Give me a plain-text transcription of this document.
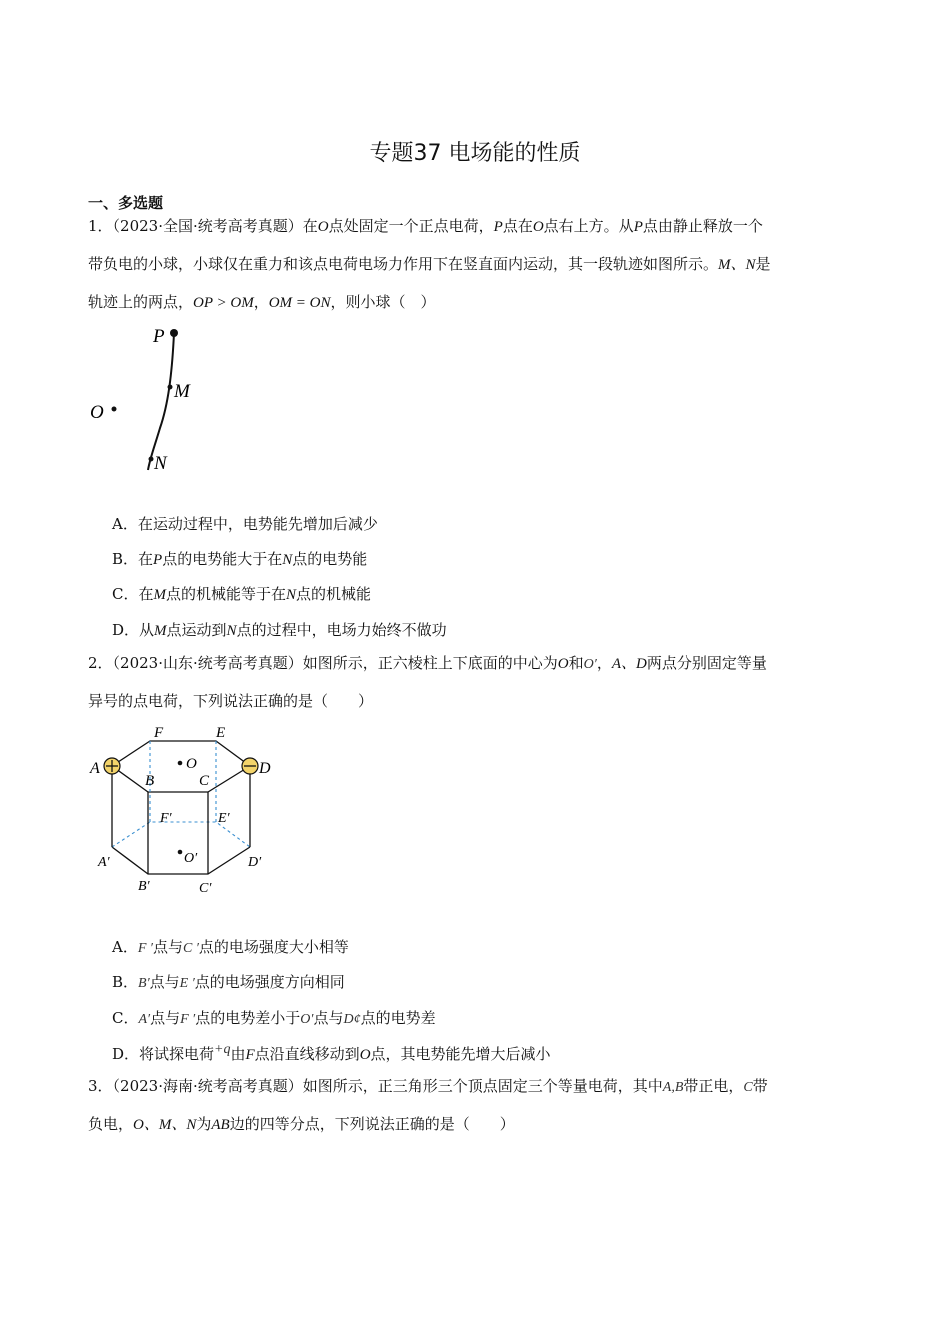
专题37 电场能的性质
一、多选题
1．（2023·全国·统考高考真题）在O点处固定一个正点电荷，P点在O点右上方。从P点由静止释放一个
带负电的小球，小球仅在重力和该点电荷电场力作用下在竖直面内运动，其一段轨迹如图所示。M、N是
轨迹上的两点，OP > OM，OM = ON，则小球（　）
P
M
O
N
A．在运动过程中，电势能先增加后减少
B．在P点的电势能大于在N点的电势能
C．在M点的机械能等于在N点的机械能
D．从M点运动到N点的过程中，电场力始终不做功
2．（2023·山东·统考高考真题）如图所示，正六棱柱上下底面的中心为O和O′，A、D两点分别固定等量
异号的点电荷，下列说法正确的是（　　）
A
F	E
D
B	C
O
F′	E′
O′
A′	D′
B′	C′
A．F ′点与C ′点的电场强度大小相等
B．B′点与E ′点的电场强度方向相同
C．A′点与F ′点的电势差小于O′点与D¢点的电势差
D．将试探电荷$^{+q}$由F点沿直线移动到O点，其电势能先增大后减小
3．（2023·海南·统考高考真题）如图所示，正三角形三个顶点固定三个等量电荷，其中A,B带正电，C带
负电，O、M、N为AB边的四等分点，下列说法正确的是（　　）
